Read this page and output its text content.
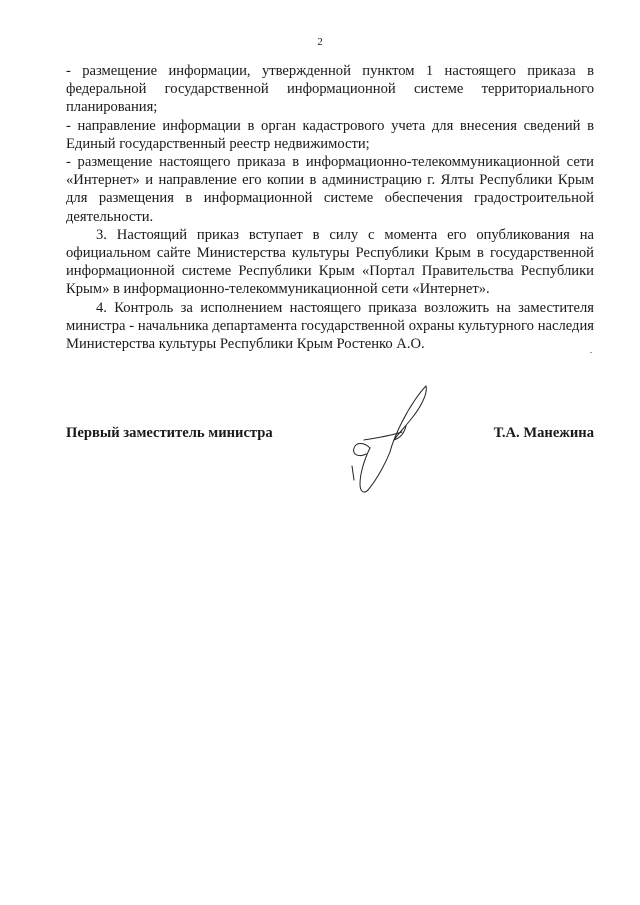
2

- размещение информации, утвержденной пунктом 1 настоящего приказа в федеральной государственной информационной системе территориального планирования;

- направление информации в орган кадастрового учета для внесения сведений в Единый государственный реестр недвижимости;

- размещение настоящего приказа в информационно-телекоммуникационной сети «Интернет» и направление его копии в администрацию г. Ялты Республики Крым для размещения в информационной системе обеспечения градостроительной деятельности.

3. Настоящий приказ вступает в силу с момента его опубликования на официальном сайте Министерства культуры Республики Крым в государственной информационной системе Республики Крым «Портал Правительства Республики Крым» в информационно-телекоммуникационной сети «Интернет».

4. Контроль за исполнением настоящего приказа возложить на заместителя министра - начальника департамента государственной охраны культурного наследия Министерства культуры Республики Крым Ростенко А.О.

Первый заместитель министра	Т.А. Манежина
